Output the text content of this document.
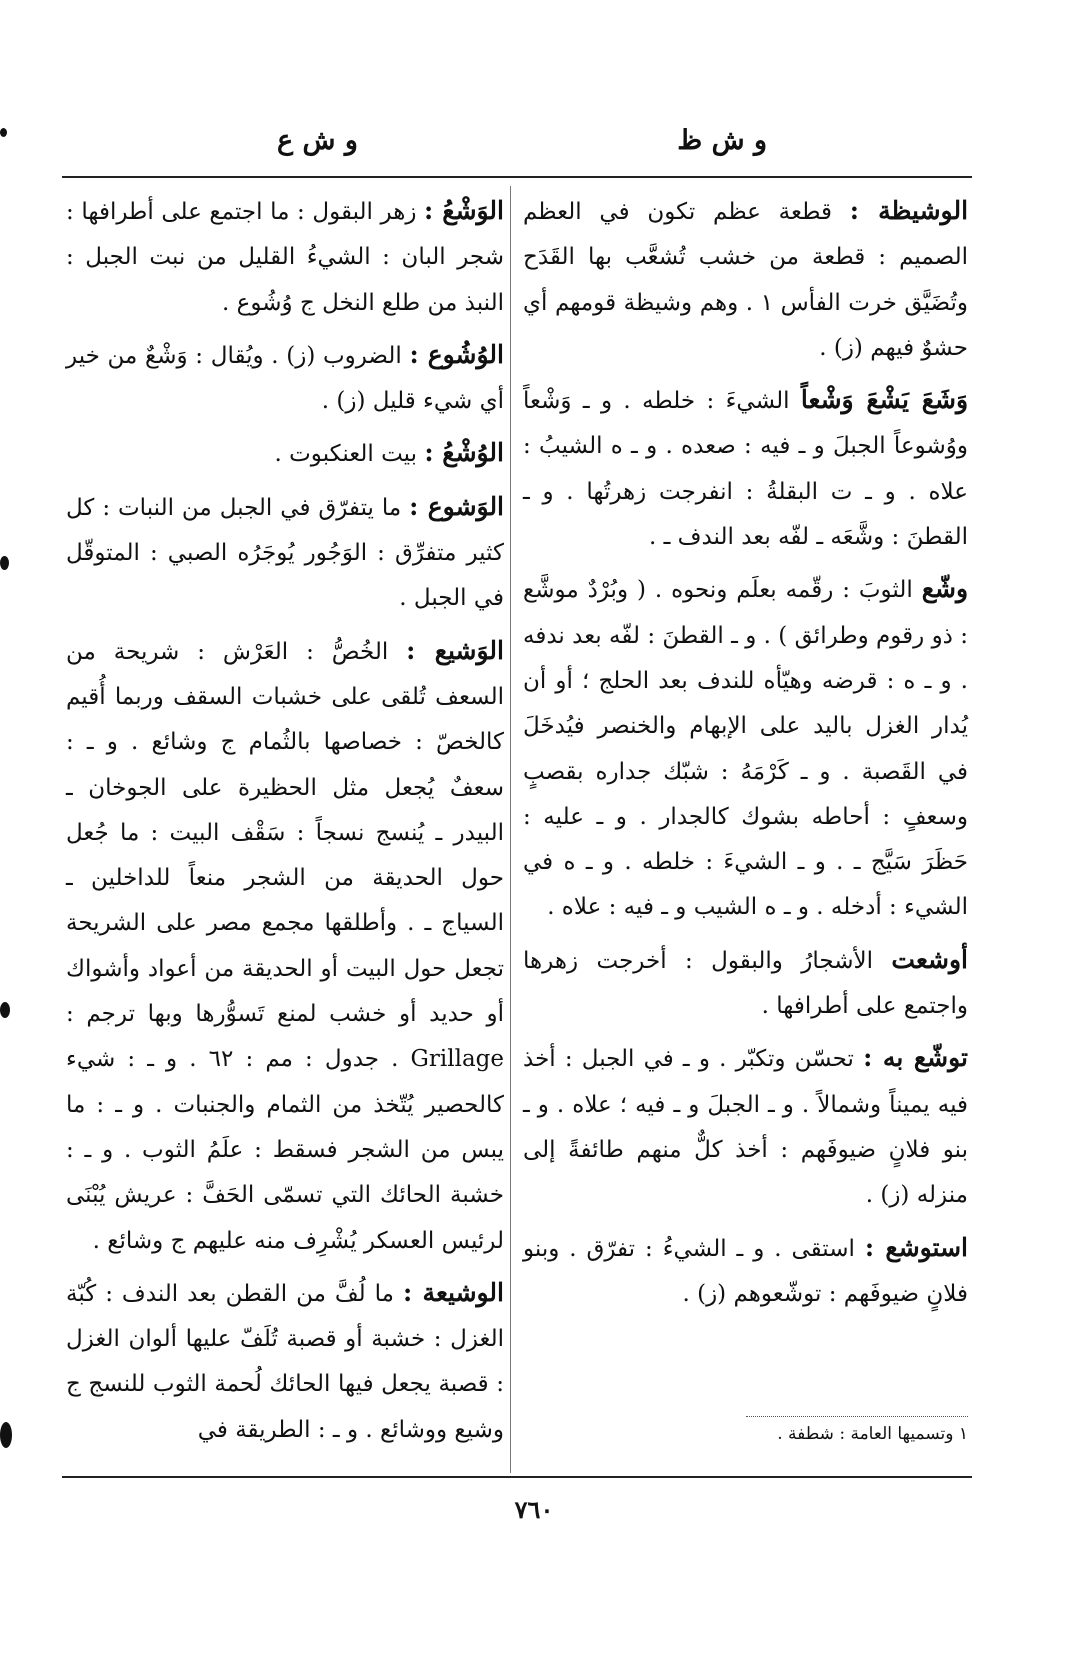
و ش ظ
و ش ع
الوشيظة : قطعة عظم تكون في العظم الصميم : قطعة من خشب تُشعَّب بها القَدَح وتُضَيَّق خرت الفأس ١ . وهم وشيظة قومهم أي حشوٌ فيهم (ز) .
وَشَعَ يَشْعَ وَشْعاً الشيءَ : خلطه . و ـ وَشْعاً ووُشوعاً الجبلَ و ـ فيه : صعده . و ـ ه الشيبُ : علاه . و ـ ت البقلةُ : انفرجت زهرتُها . و ـ القطنَ : وشَّعَه ـ لفّه بعد الندف ـ .
وشّع الثوبَ : رقّمه بعلَم ونحوه . ( وبُرْدٌ موشَّع : ذو رقوم وطرائق ) . و ـ القطنَ : لفّه بعد ندفه . و ـ ه : قرضه وهيّأه للندف بعد الحلج ؛ أو أن يُدار الغزل باليد على الإبهام والخنصر فيُدخَلَ في القَصبة . و ـ كَرْمَهُ : شبّك جداره بقصبٍ وسعفٍ : أحاطه بشوك كالجدار . و ـ عليه : حَظَرَ سَيَّج ـ . و ـ الشيءَ : خلطه . و ـ ه في الشيء : أدخله . و ـ ه الشيب و ـ فيه : علاه .
أوشعت الأشجارُ والبقول : أخرجت زهرها واجتمع على أطرافها .
توشّع به : تحسّن وتكبّر . و ـ في الجبل : أخذ فيه يميناً وشمالاً . و ـ الجبلَ و ـ فيه ؛ علاه . و ـ بنو فلانٍ ضيوفَهم : أخذ كلٌّ منهم طائفةً إلى منزله (ز) .
استوشع : استقى . و ـ الشيءُ : تفرّق . وبنو فلانٍ ضيوفَهم : توشّعوهم (ز) .
١ وتسميها العامة : شطفة .
الوَشْعُ : زهر البقول : ما اجتمع على أطرافها : شجر البان : الشيءُ القليل من نبت الجبل : النبذ من طلع النخل ج وُشُوع .
الوُشُوع : الضروب (ز) . ويُقال : وَشْعٌ من خير أي شيء قليل (ز) .
الوُشْعُ : بيت العنكبوت .
الوَشوع : ما يتفرّق في الجبل من النبات : كل كثير متفرِّق : الوَجُور يُوجَرُه الصبي : المتوقّل في الجبل .
الوَشيع : الخُصُّ : العَرْش : شريحة من السعف تُلقى على خشبات السقف وربما أُقيم كالخصّ : خصاصها بالثُمام ج وشائع . و ـ : سعفٌ يُجعل مثل الحظيرة على الجوخان ـ البيدر ـ يُنسج نسجاً : سَقْف البيت : ما جُعل حول الحديقة من الشجر منعاً للداخلين ـ السياج ـ . وأطلقها مجمع مصر على الشريحة تجعل حول البيت أو الحديقة من أعواد وأشواك أو حديد أو خشب لمنع تَسوُّرها وبها ترجم : Grillage . جدول : مم : ٦٢ . و ـ : شيء كالحصير يُتّخذ من الثمام والجنبات . و ـ : ما يبس من الشجر فسقط : علَمُ الثوب . و ـ : خشبة الحائك التي تسمّى الحَفَّ : عريش يُبْنَى لرئيس العسكر يُشْرِف منه عليهم ج وشائع .
الوشيعة : ما لُفَّ من القطن بعد الندف : كُبّة الغزل : خشبة أو قصبة تُلَفّ عليها ألوان الغزل : قصبة يجعل فيها الحائك لُحمة الثوب للنسج ج وشيع ووشائع . و ـ : الطريقة في
٧٦٠
